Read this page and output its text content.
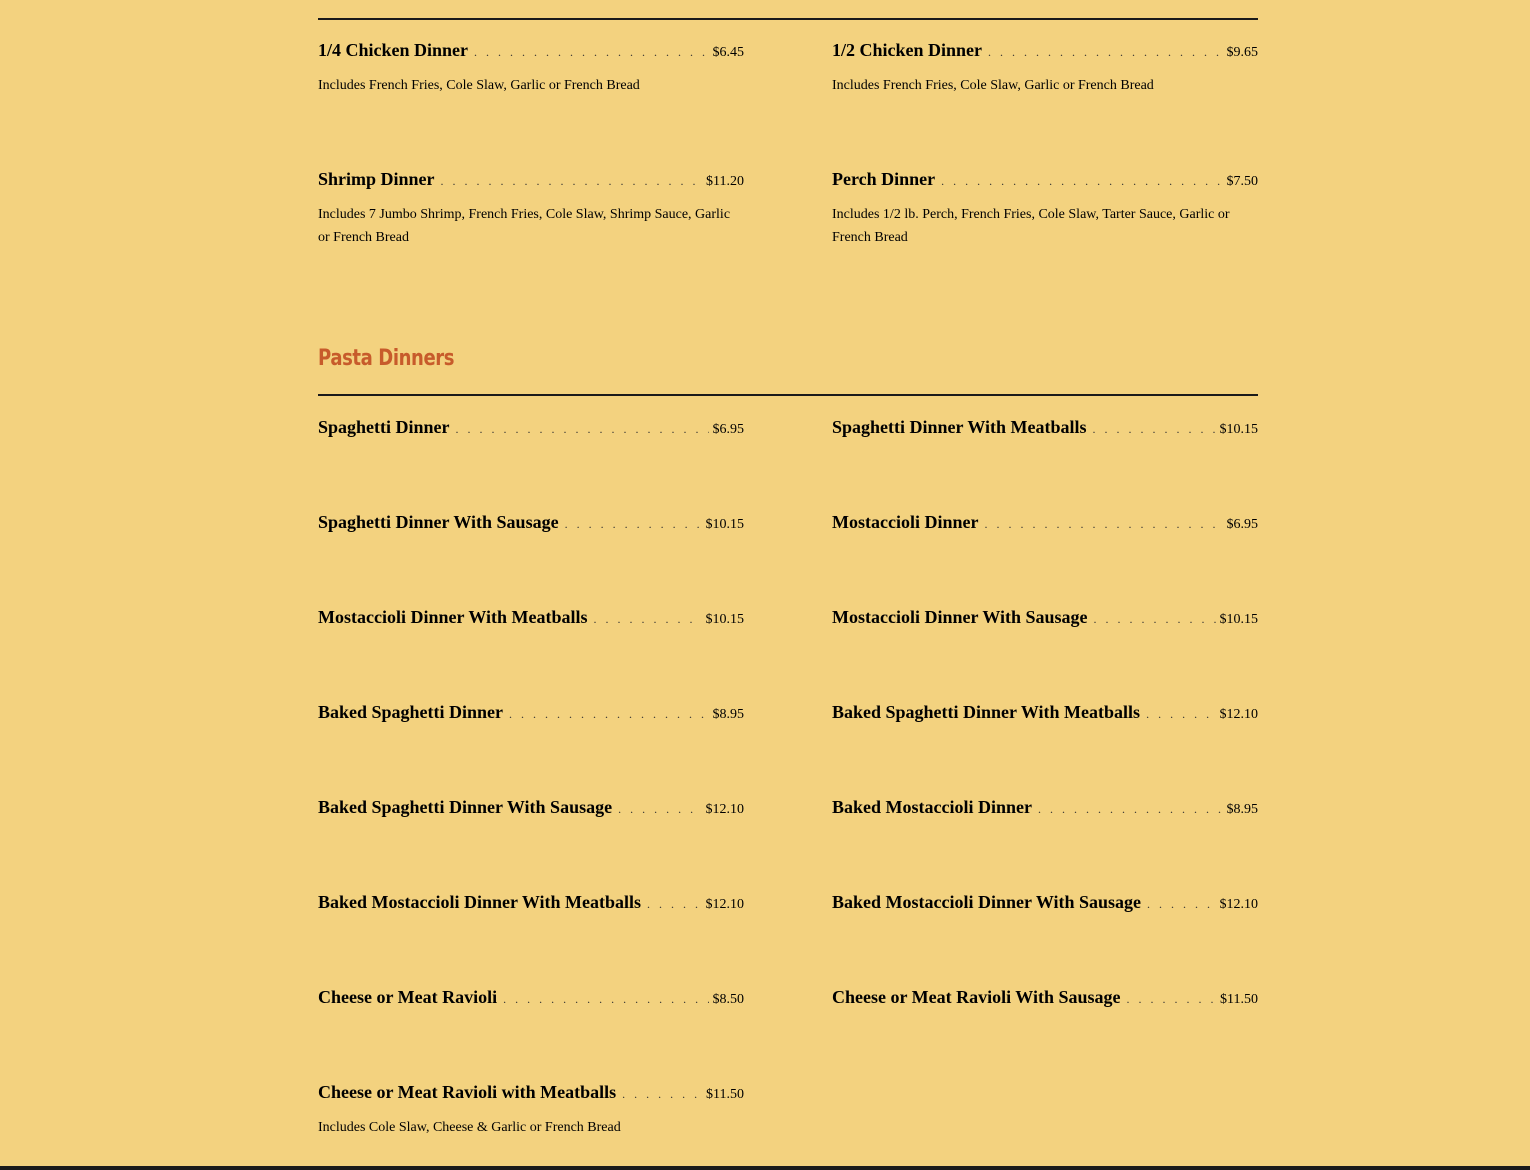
1/4 Chicken Dinner . . .	$6.45
Includes French Fries, Cole Slaw, Garlic or French Bread
1/2 Chicken Dinner . . .	$9.65
Includes French Fries, Cole Slaw, Garlic or French Bread
Shrimp Dinner . . .	$11.20
Includes 7 Jumbo Shrimp, French Fries, Cole Slaw, Shrimp Sauce, Garlic or French Bread
Perch Dinner . . .	$7.50
Includes 1/2 lb. Perch, French Fries, Cole Slaw, Tarter Sauce, Garlic or French Bread
Pasta Dinners
Spaghetti Dinner . . .	$6.95	Spaghetti Dinner With Meatballs . . .	$10.15
Spaghetti Dinner With Sausage . . .	$10.15	Mostaccioli Dinner . . .	$6.95
Mostaccioli Dinner With Meatballs . . .	$10.15	Mostaccioli Dinner With Sausage . . .	$10.15
Baked Spaghetti Dinner . . .	$8.95	Baked Spaghetti Dinner With Meatballs . . .	$12.10
Baked Spaghetti Dinner With Sausage . . .	$12.10	Baked Mostaccioli Dinner . . .	$8.95
Baked Mostaccioli Dinner With Meatballs . . .	$12.10	Baked Mostaccioli Dinner With Sausage . . .	$12.10
Cheese or Meat Ravioli . . .	$8.50	Cheese or Meat Ravioli With Sausage . . .	$11.50
Cheese or Meat Ravioli with Meatballs . . .	$11.50
Includes Cole Slaw, Cheese & Garlic or French Bread
